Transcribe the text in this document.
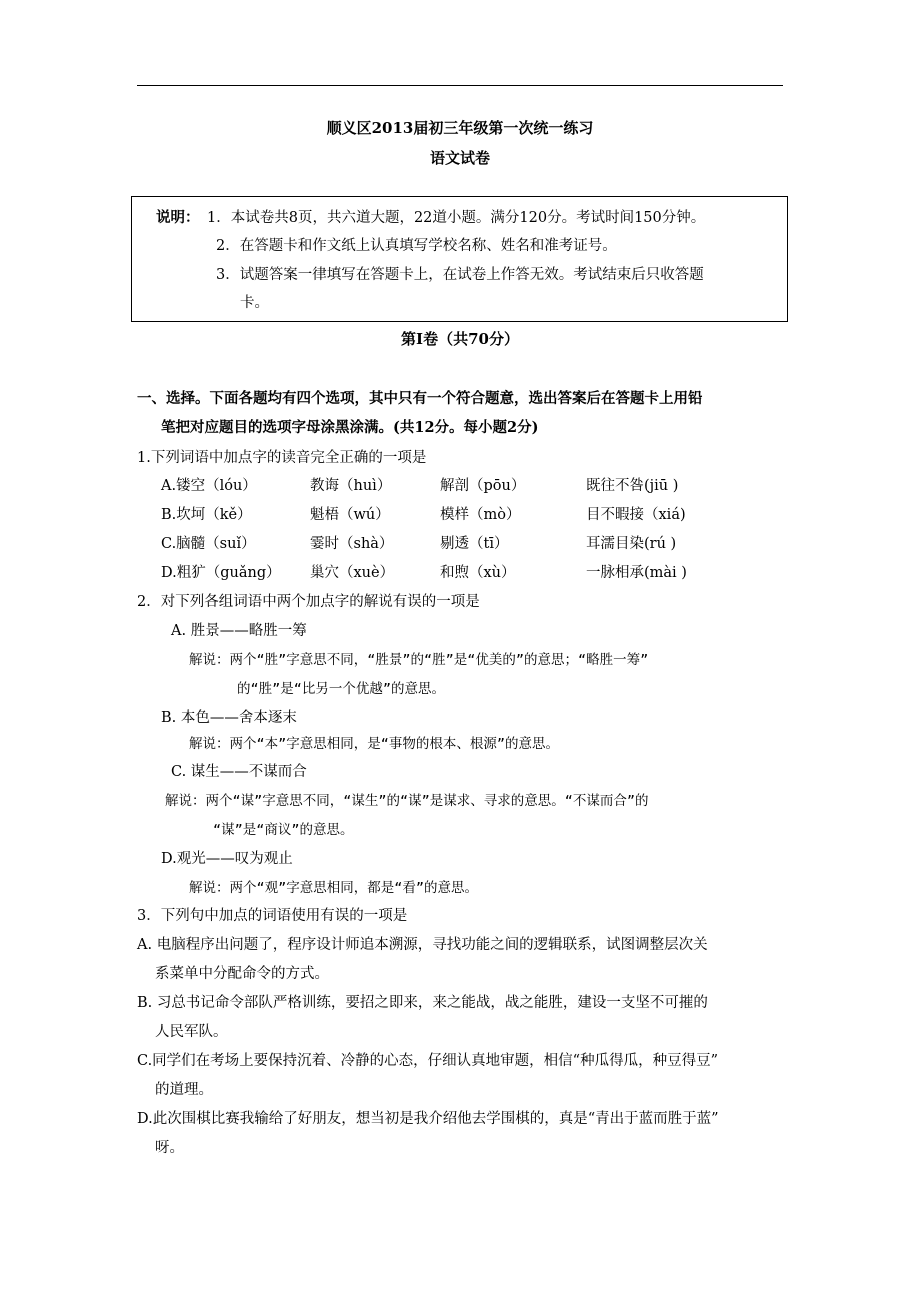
顺义区2013届初三年级第一次统一练习
语文试卷
说明： 1．本试卷共8页，共六道大题，22道小题。满分120分。考试时间150分钟。
2．在答题卡和作文纸上认真填写学校名称、姓名和准考证号。
3．试题答案一律填写在答题卡上，在试卷上作答无效。考试结束后只收答题
卡。
第Ⅰ卷（共70分）
一、选择。下面各题均有四个选项，其中只有一个符合题意，选出答案后在答题卡上用铅
笔把对应题目的选项字母涂黑涂满。(共12分。每小题2分)
1.下列词语中加点字的读音完全正确的一项是
A.镂空（lóu）	教诲（huì）	解剖（pōu）	既往不咎(jiū )
B.坎坷（kě）	魁梧（wú）	模样（mò）	目不暇接（xiá)
C.脑髓（suǐ）	霎时（shà）	剔透（tī）	耳濡目染(rú )
D.粗犷（guǎng） 巢穴（xuè）	和煦（xù）	一脉相承(mài )
2．对下列各组词语中两个加点字的解说有误的一项是
A. 胜景——略胜一筹
解说：两个“胜”字意思不同，“胜景”的“胜”是“优美的”的意思；“略胜一筹”
的“胜”是“比另一个优越”的意思。
B. 本色——舍本逐末
解说：两个“本”字意思相同，是“事物的根本、根源”的意思。
C. 谋生——不谋而合
解说：两个“谋”字意思不同，“谋生”的“谋”是谋求、寻求的意思。“不谋而合”的
“谋”是“商议”的意思。
D.观光——叹为观止
解说：两个“观”字意思相同，都是“看”的意思。
3．下列句中加点的词语使用有误的一项是
A. 电脑程序出问题了，程序设计师追本溯源，寻找功能之间的逻辑联系，试图调整层次关
系菜单中分配命令的方式。
B. 习总书记命令部队严格训练，要招之即来，来之能战，战之能胜，建设一支坚不可摧的
人民军队。
C.同学们在考场上要保持沉着、冷静的心态，仔细认真地审题，相信“种瓜得瓜，种豆得豆”
的道理。
D.此次围棋比赛我输给了好朋友，想当初是我介绍他去学围棋的，真是“青出于蓝而胜于蓝”
呀。
